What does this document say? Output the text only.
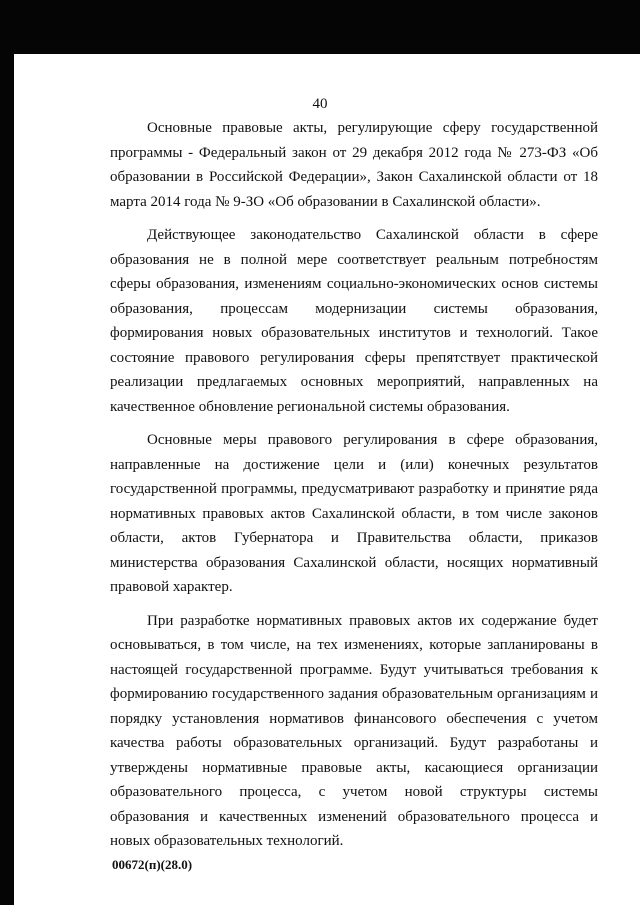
40

Основные правовые акты, регулирующие сферу государственной программы - Федеральный закон от 29 декабря 2012 года № 273-ФЗ «Об образовании в Российской Федерации», Закон Сахалинской области от 18 марта 2014 года № 9-ЗО «Об образовании в Сахалинской области».

Действующее законодательство Сахалинской области в сфере образования не в полной мере соответствует реальным потребностям сферы образования, изменениям социально-экономических основ системы образования, процессам модернизации системы образования, формирования новых образовательных институтов и технологий. Такое состояние правового регулирования сферы препятствует практической реализации предлагаемых основных мероприятий, направленных на качественное обновление региональной системы образования.

Основные меры правового регулирования в сфере образования, направленные на достижение цели и (или) конечных результатов государственной программы, предусматривают разработку и принятие ряда нормативных правовых актов Сахалинской области, в том числе законов области, актов Губернатора и Правительства области, приказов министерства образования Сахалинской области, носящих нормативный правовой характер.

При разработке нормативных правовых актов их содержание будет основываться, в том числе, на тех изменениях, которые запланированы в настоящей государственной программе. Будут учитываться требования к формированию государственного задания образовательным организациям и порядку установления нормативов финансового обеспечения с учетом качества работы образовательных организаций. Будут разработаны и утверждены нормативные правовые акты, касающиеся организации образовательного процесса, с учетом новой структуры системы образования и качественных изменений образовательного процесса и новых образовательных технологий.

00672(п)(28.0)
